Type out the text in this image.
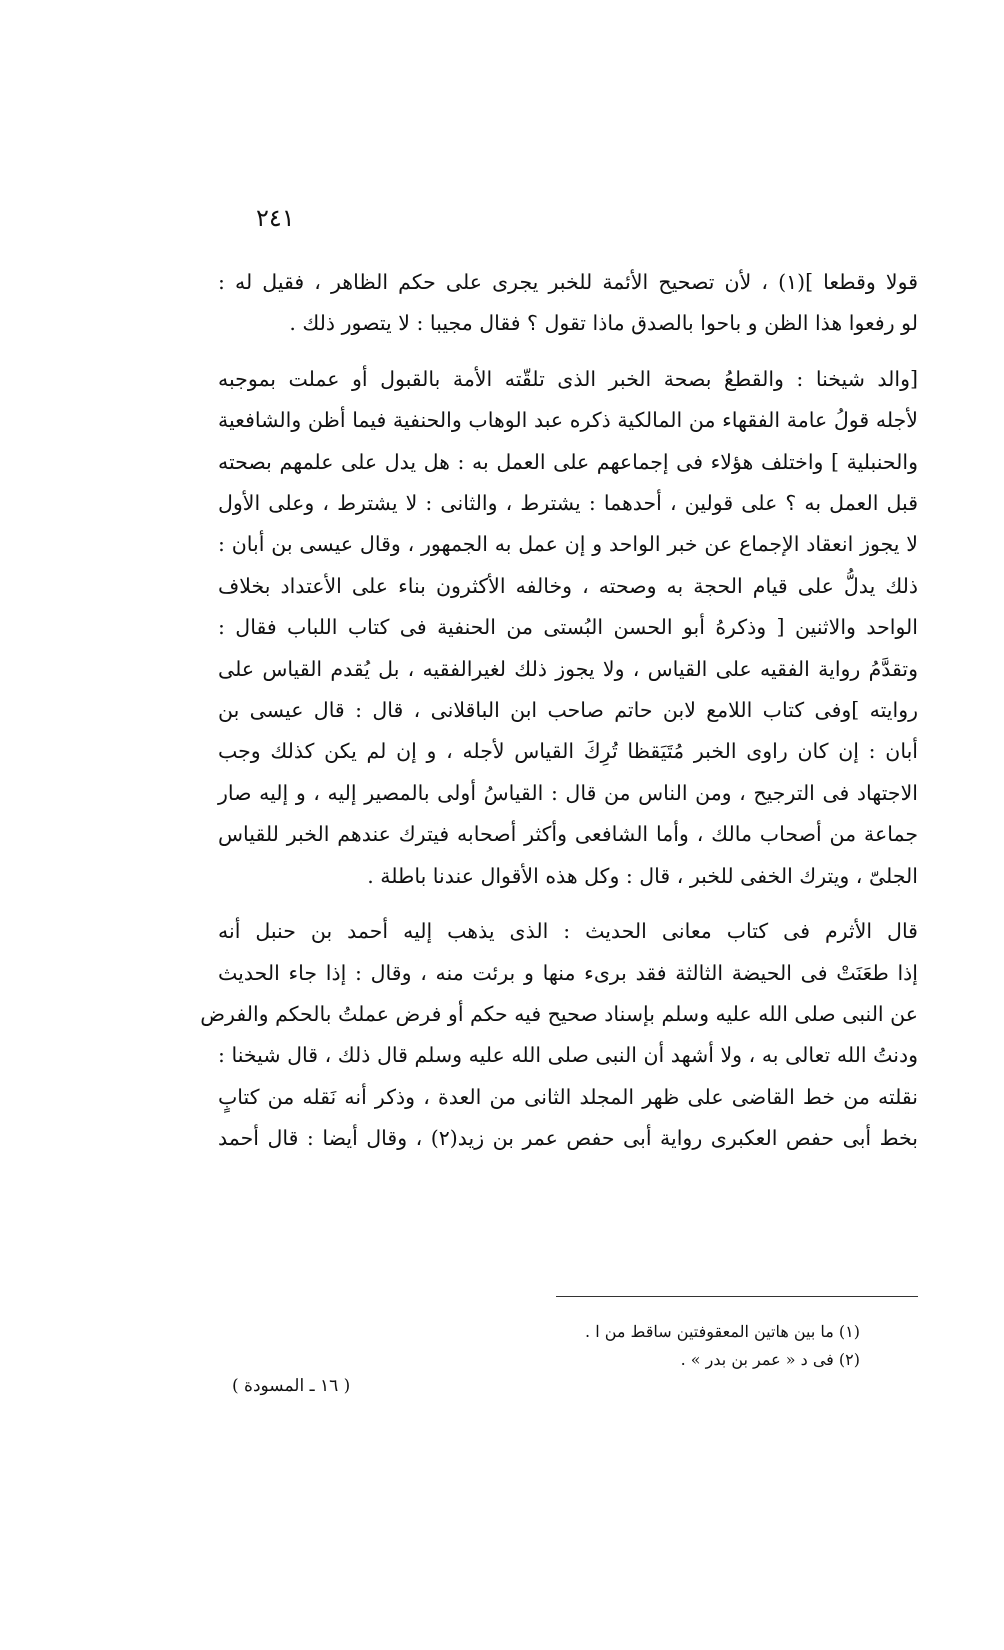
٢٤١

قولا وقطعا ](١) ، لأن تصحيح الأئمة للخبر يجرى على حكم الظاهر ، فقيل له :
لو رفعوا هذا الظن و باحوا بالصدق ماذا تقول ؟ فقال مجيبا : لا يتصور ذلك .

[والد شيخنا : والقطعُ بصحة الخبر الذى تلقّته الأمة بالقبول أو عملت بموجبه
لأجله قولُ عامة الفقهاء من المالكية ذكره عبد الوهاب والحنفية فيما أظن والشافعية
والحنبلية ] واختلف هؤلاء فى إجماعهم على العمل به : هل يدل على علمهم بصحته
قبل العمل به ؟ على قولين ، أحدهما : يشترط ، والثانى : لا يشترط ، وعلى الأول
لا يجوز انعقاد الإجماع عن خبر الواحد و إن عمل به الجمهور ، وقال عيسى بن أبان :
ذلك يدلُّ على قيام الحجة به وصحته ، وخالفه الأكثرون بناء على الأعتداد بخلاف
الواحد والاثنين [ وذكرهُ أبو الحسن البُستى من الحنفية فى كتاب اللباب فقال :
وتقدَّمُ رواية الفقيه على القياس ، ولا يجوز ذلك لغيرالفقيه ، بل يُقدم القياس على
روايته ]وفى كتاب اللامع لابن حاتم صاحب ابن الباقلانى ، قال : قال عيسى بن
أبان : إن كان راوى الخبر مُتَيَقظا تُرِكَ القياس لأجله ، و إن لم يكن كذلك وجب
الاجتهاد فى الترجيح ، ومن الناس من قال : القياسُ أولى بالمصير إليه ، و إليه صار
جماعة من أصحاب مالك ، وأما الشافعى وأكثر أصحابه فيترك عندهم الخبر للقياس
الجلىّ ، ويترك الخفى للخبر ، قال : وكل هذه الأقوال عندنا باطلة .

قال الأثرم فى كتاب معانى الحديث : الذى يذهب إليه أحمد بن حنبل أنه
إذا طعَنَتْ فى الحيضة الثالثة فقد برىء منها و برئت منه ، وقال : إذا جاء الحديث
عن النبى صلى الله عليه وسلم بإسناد صحيح فيه حكم أو فرض عملتُ بالحكم والفرض
ودنتُ الله تعالى به ، ولا أشهد أن النبى صلى الله عليه وسلم قال ذلك ، قال شيخنا :
نقلته من خط القاضى على ظهر المجلد الثانى من العدة ، وذكر أنه نَقله من كتابٍ
بخط أبى حفص العكبرى رواية أبى حفص عمر بن زيد(٢) ، وقال أيضا : قال أحمد

(١) ما بين هاتين المعقوفتين ساقط من ا .
(٢) فى د « عمر بن بدر » .
( ١٦ ـ المسودة )
